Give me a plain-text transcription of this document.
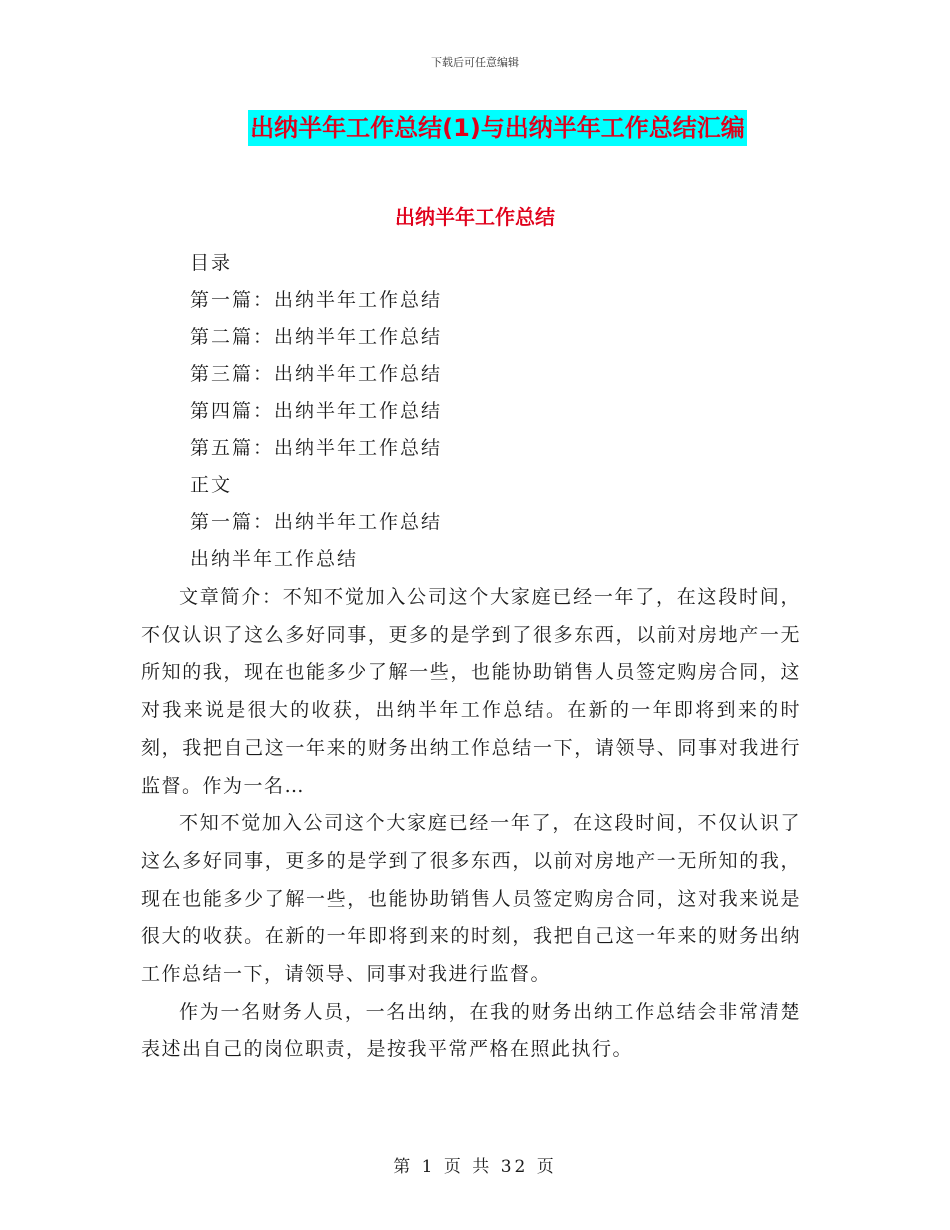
下载后可任意编辑
出纳半年工作总结(1)与出纳半年工作总结汇编
出纳半年工作总结
目录
第一篇：出纳半年工作总结
第二篇：出纳半年工作总结
第三篇：出纳半年工作总结
第四篇：出纳半年工作总结
第五篇：出纳半年工作总结
正文
第一篇：出纳半年工作总结
出纳半年工作总结

文章简介：不知不觉加入公司这个大家庭已经一年了，在这段时间，不仅认识了这么多好同事，更多的是学到了很多东西，以前对房地产一无所知的我，现在也能多少了解一些，也能协助销售人员签定购房合同，这对我来说是很大的收获，出纳半年工作总结。在新的一年即将到来的时刻，我把自己这一年来的财务出纳工作总结一下，请领导、同事对我进行监督。作为一名…

不知不觉加入公司这个大家庭已经一年了，在这段时间，不仅认识了这么多好同事，更多的是学到了很多东西，以前对房地产一无所知的我，现在也能多少了解一些，也能协助销售人员签定购房合同，这对我来说是很大的收获。在新的一年即将到来的时刻，我把自己这一年来的财务出纳工作总结一下，请领导、同事对我进行监督。

作为一名财务人员，一名出纳，在我的财务出纳工作总结会非常清楚表述出自己的岗位职责，是按我平常严格在照此执行。

第 1 页 共 32 页
